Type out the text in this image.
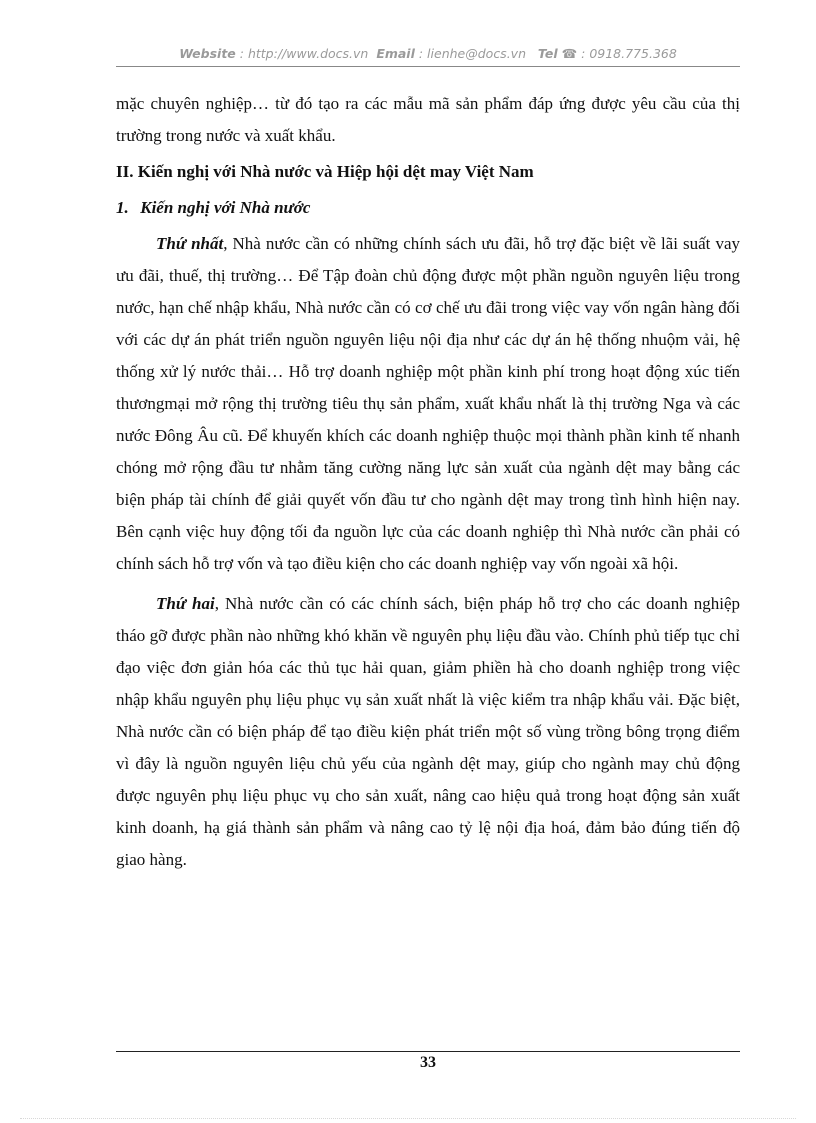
Website : http://www.docs.vn Email : lienhe@docs.vn Tel ☎ : 0918.775.368

mặc chuyên nghiệp… từ đó tạo ra các mẫu mã sản phẩm đáp ứng được yêu cầu của thị trường trong nước và xuất khẩu.

II. Kiến nghị với Nhà nước và Hiệp hội dệt may Việt Nam

1. Kiến nghị với Nhà nước

Thứ nhất, Nhà nước cần có những chính sách ưu đãi, hỗ trợ đặc biệt về lãi suất vay ưu đãi, thuế, thị trường… Để Tập đoàn chủ động được một phần nguồn nguyên liệu trong nước, hạn chế nhập khẩu, Nhà nước cần có cơ chế ưu đãi trong việc vay vốn ngân hàng đối với các dự án phát triển nguồn nguyên liệu nội địa như các dự án hệ thống nhuộm vải, hệ thống xử lý nước thải… Hỗ trợ doanh nghiệp một phần kinh phí trong hoạt động xúc tiến thươngmại mở rộng thị trường tiêu thụ sản phẩm, xuất khẩu nhất là thị trường Nga và các nước Đông Âu cũ. Để khuyến khích các doanh nghiệp thuộc mọi thành phần kinh tế nhanh chóng mở rộng đầu tư nhằm tăng cường năng lực sản xuất của ngành dệt may bằng các biện pháp tài chính để giải quyết vốn đầu tư cho ngành dệt may trong tình hình hiện nay. Bên cạnh việc huy động tối đa nguồn lực của các doanh nghiệp thì Nhà nước cần phải có chính sách hỗ trợ vốn và tạo điều kiện cho các doanh nghiệp vay vốn ngoài xã hội.

Thứ hai, Nhà nước cần có các chính sách, biện pháp hỗ trợ cho các doanh nghiệp tháo gỡ được phần nào những khó khăn về nguyên phụ liệu đầu vào. Chính phủ tiếp tục chỉ đạo việc đơn giản hóa các thủ tục hải quan, giảm phiền hà cho doanh nghiệp trong việc nhập khẩu nguyên phụ liệu phục vụ sản xuất nhất là việc kiểm tra nhập khẩu vải. Đặc biệt, Nhà nước cần có biện pháp để tạo điều kiện phát triển một số vùng trồng bông trọng điểm vì đây là nguồn nguyên liệu chủ yếu của ngành dệt may, giúp cho ngành may chủ động được nguyên phụ liệu phục vụ cho sản xuất, nâng cao hiệu quả trong hoạt động sản xuất kinh doanh, hạ giá thành sản phẩm và nâng cao tỷ lệ nội địa hoá, đảm bảo đúng tiến độ giao hàng.

33
